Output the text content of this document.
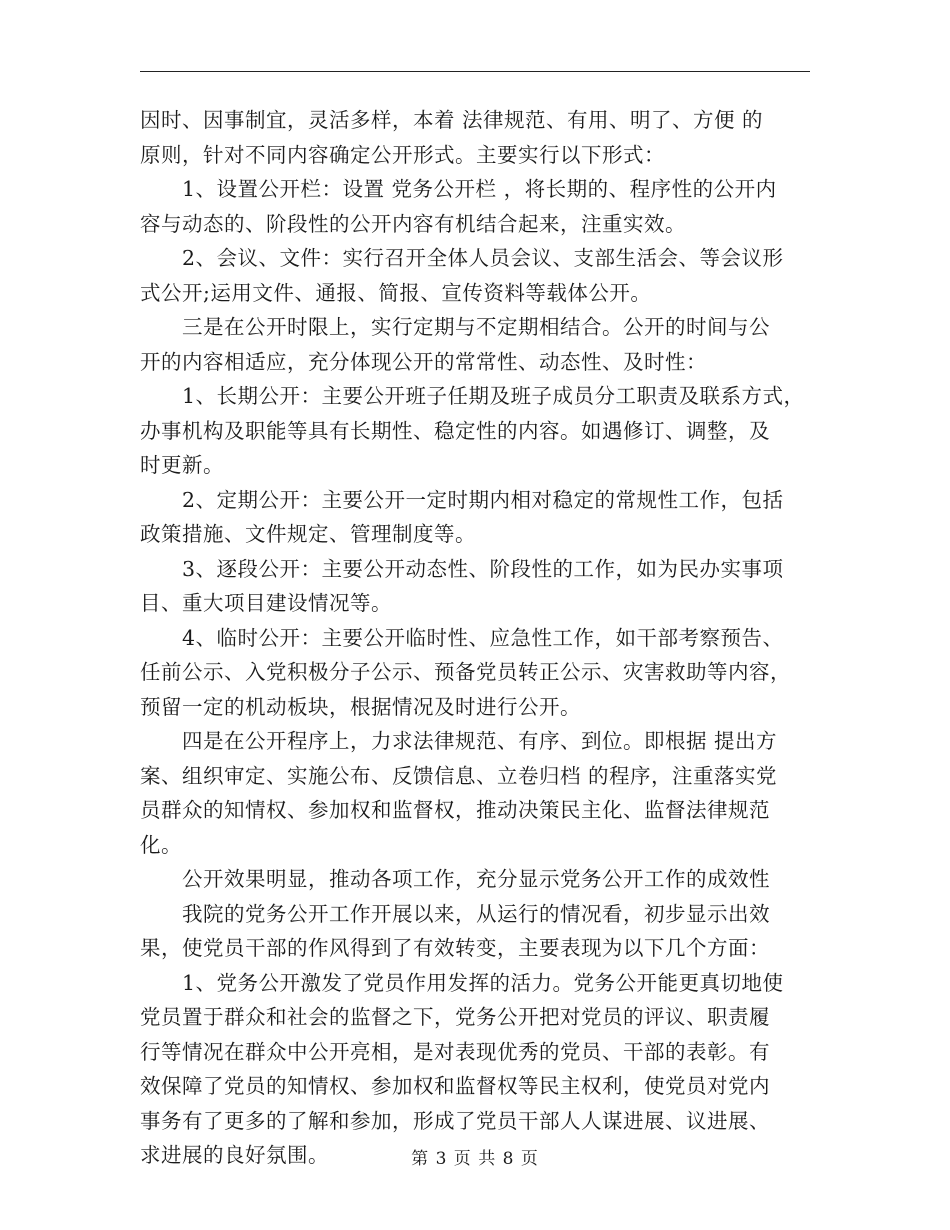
因时、因事制宜，灵活多样，本着 法律规范、有用、明了、方便 的
原则，针对不同内容确定公开形式。主要实行以下形式：

　　1、设置公开栏：设置 党务公开栏 ，将长期的、程序性的公开内
容与动态的、阶段性的公开内容有机结合起来，注重实效。

　　2、会议、文件：实行召开全体人员会议、支部生活会、等会议形
式公开;运用文件、通报、简报、宣传资料等载体公开。

　　三是在公开时限上，实行定期与不定期相结合。公开的时间与公
开的内容相适应，充分体现公开的常常性、动态性、及时性：

　　1、长期公开：主要公开班子任期及班子成员分工职责及联系方式，
办事机构及职能等具有长期性、稳定性的内容。如遇修订、调整，及
时更新。

　　2、定期公开：主要公开一定时期内相对稳定的常规性工作，包括
政策措施、文件规定、管理制度等。

　　3、逐段公开：主要公开动态性、阶段性的工作，如为民办实事项
目、重大项目建设情况等。

　　4、临时公开：主要公开临时性、应急性工作，如干部考察预告、
任前公示、入党积极分子公示、预备党员转正公示、灾害救助等内容，
预留一定的机动板块，根据情况及时进行公开。

　　四是在公开程序上，力求法律规范、有序、到位。即根据 提出方
案、组织审定、实施公布、反馈信息、立卷归档 的程序，注重落实党
员群众的知情权、参加权和监督权，推动决策民主化、监督法律规范
化。

　　公开效果明显，推动各项工作，充分显示党务公开工作的成效性

　　我院的党务公开工作开展以来，从运行的情况看，初步显示出效
果，使党员干部的作风得到了有效转变，主要表现为以下几个方面：

　　1、党务公开激发了党员作用发挥的活力。党务公开能更真切地使
党员置于群众和社会的监督之下，党务公开把对党员的评议、职责履
行等情况在群众中公开亮相，是对表现优秀的党员、干部的表彰。有
效保障了党员的知情权、参加权和监督权等民主权利，使党员对党内
事务有了更多的了解和参加，形成了党员干部人人谋进展、议进展、
求进展的良好氛围。	第 3 页 共 8 页
